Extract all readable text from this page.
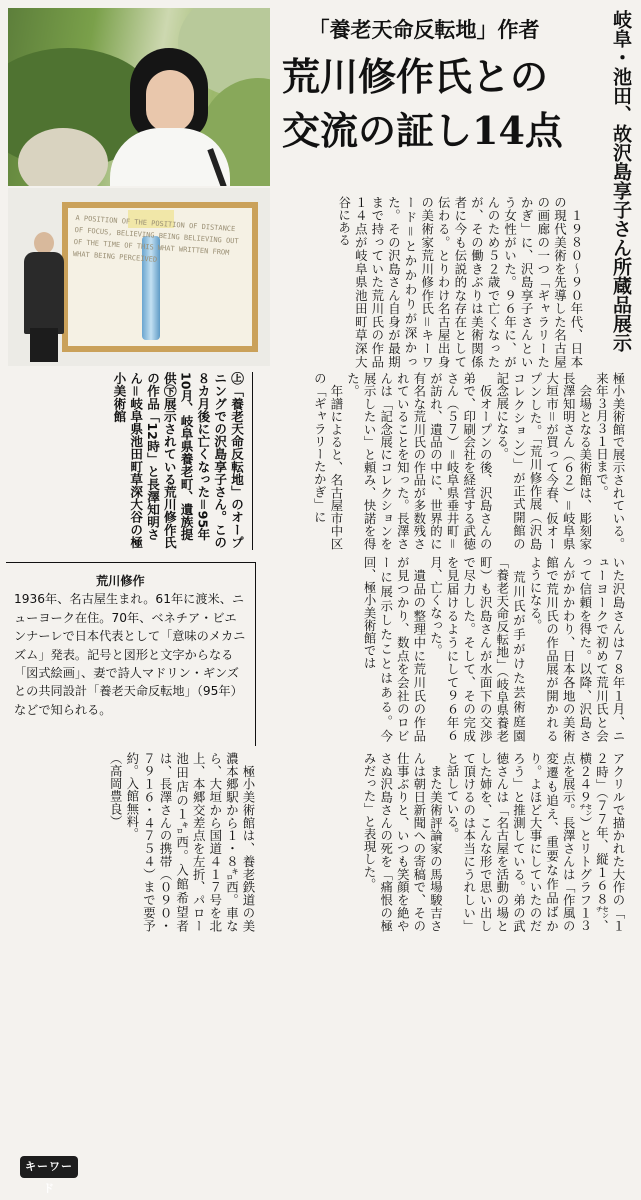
A POSITION OF THE POSITION OF DISTANCE OF FOCUS, BELIEVING BEING BELIEVING OUT OF THE TIME OF THIS WHAT WRITTEN FROM WHAT BEING PERCEIVED
「養老天命反転地」作者
荒川修作氏との
交流の証し14点	岐阜・池田、故沢島享子さん所蔵品展示
　１９８０〜９０年代、日本の現代美術を先導した名古屋の画廊の一つ「ギャラリーたかぎ」に、沢島享子さんという女性がいた。９６年に、がんのため５２歳で亡くなったが、その働きぶりは美術関係者に今も伝説的な存在として伝わる。とりわけ名古屋出身の美術家荒川修作氏＝キーワード＝とかかわりが深かった。その沢島さん自身が最期まで持っていた荒川氏の作品１４点が岐阜県池田町草深大谷にある
極小美術館で展示されている。来年３月３１日まで。
　会場となる美術館は、彫刻家長澤知明さん（６２）＝岐阜県大垣市＝が買って今春、仮オープンした。「荒川修作展（沢島コレクション）」が正式開館の記念展になる。
　仮オープンの後、沢島さんの弟で、印刷会社を経営する武徳さん（５７）＝岐阜県垂井町＝が訪れ、遺品の中に、世界的に有名な荒川氏の作品が多数残されていることを知った。長澤さんは「記念展にコレクションを展示したい」と頼み、快諾を得た。
　年譜によると、名古屋市中区の「ギャラリーたかぎ」に
㊤「養老天命反転地」のオープニングでの沢島享子さん。この８カ月後に亡くなった＝95年10月、岐阜県養老町、遺族提供㊦展示されている荒川修作氏の作品「12時」と長澤知明さん＝岐阜県池田町草深大谷の極小美術館
いた沢島さんは７８年１月、ニューヨークで初めて荒川氏と会って信頼を得た。以降、沢島さんがかかわり、日本各地の美術館で荒川氏の作品展が開かれるようになる。
　荒川氏が手がけた芸術庭園「養老天命反転地」（岐阜県養老町）も沢島さんが水面下の交渉で尽力した。そして、その完成を見届けるようにして９６年６月、亡くなった。
　遺品の整理中に荒川氏の作品が見つかり、数点を会社のロビーに展示したことはある。今回、極小美術館では
キーワード
荒川修作
1936年、名古屋生まれ。61年に渡米、ニューヨーク在住。70年、ベネチア・ビエンナーレで日本代表として「意味のメカニズム」発表。記号と図形と文字からなる「図式絵画」、妻で詩人マドリン・ギンズとの共同設計「養老天命反転地」（95年）などで知られる。
アクリルで描かれた大作の「１２時」（７７年、縦１６８㌢、横２４９㌢）とリトグラフ１３点を展示。長澤さんは「作風の変遷も追え、重要な作品ばかり。よほど大事にしていたのだろう」と推測している。弟の武徳さんは「名古屋を活動の場とした姉を、こんな形で思い出して頂けるのは本当にうれしい」と話している。
　また美術評論家の馬場駿吉さんは朝日新聞への寄稿で、その仕事ぶりと、いつも笑顔を絶やさぬ沢島さんの死を「痛恨の極みだった」と表現した。
　極小美術館は、養老鉄道の美濃本郷駅から１・８㌔西。車なら、大垣から国道４１７号を北上、本郷交差点を左折、パロー池田店の１㌔西。入館希望者は、長澤さんの携帯（０９０・７９１６・４７５４）まで要予約。入館無料。
（高岡豊良）
